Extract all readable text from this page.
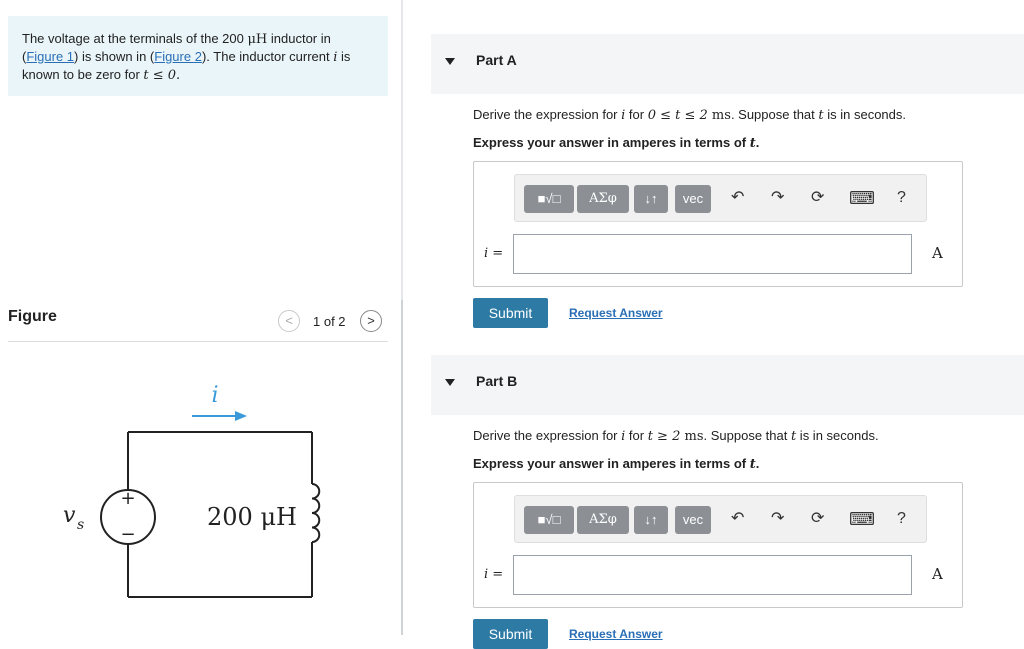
The voltage at the terminals of the 200 μH inductor in
(Figure 1) is shown in (Figure 2). The inductor current i is
known to be zero for t ≤ 0.
Figure	<	1 of 2	>
i
+
−
v s	200 μH
Part A
Derive the expression for i for 0 ≤ t ≤ 2 ms. Suppose that t is in seconds.
Express your answer in amperes in terms of t.
■√□	ΑΣφ	↓↑	vec	↶ ↷ ⟳ ⌨ ?
i =	A
Submit	Request Answer
Part B
Derive the expression for i for t ≥ 2 ms. Suppose that t is in seconds.
Express your answer in amperes in terms of t.
■√□	ΑΣφ	↓↑	vec	↶ ↷ ⟳ ⌨ ?
i =	A
Submit	Request Answer
